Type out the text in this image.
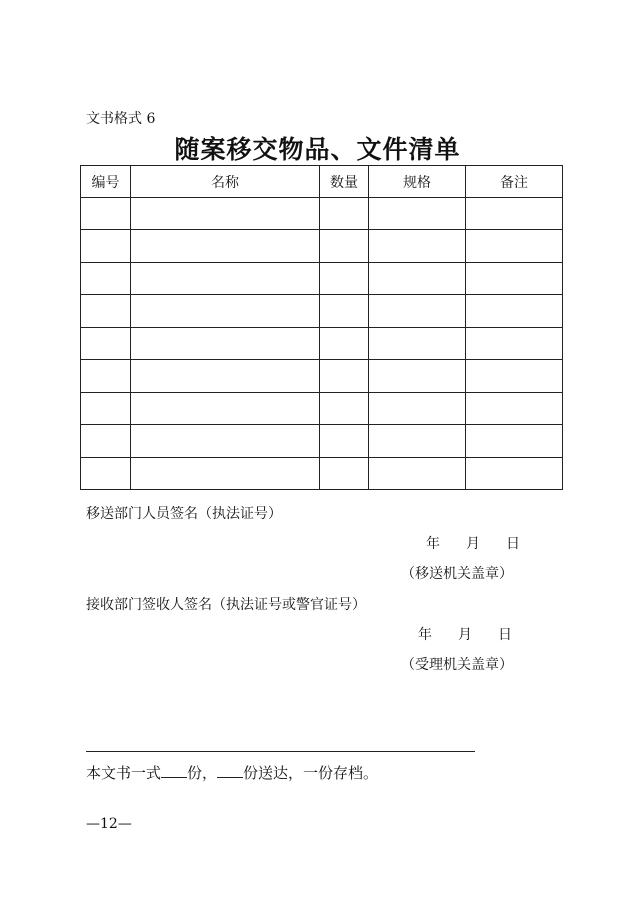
文书格式 6
随案移交物品、文件清单
编号	名称	数量	规格	备注

移送部门人员签名（执法证号）
年 月 日
（移送机关盖章）
接收部门签收人签名（执法证号或警官证号）
年 月 日
（受理机关盖章）
本文书一式 份， 份送达，一份存档。
—12—
